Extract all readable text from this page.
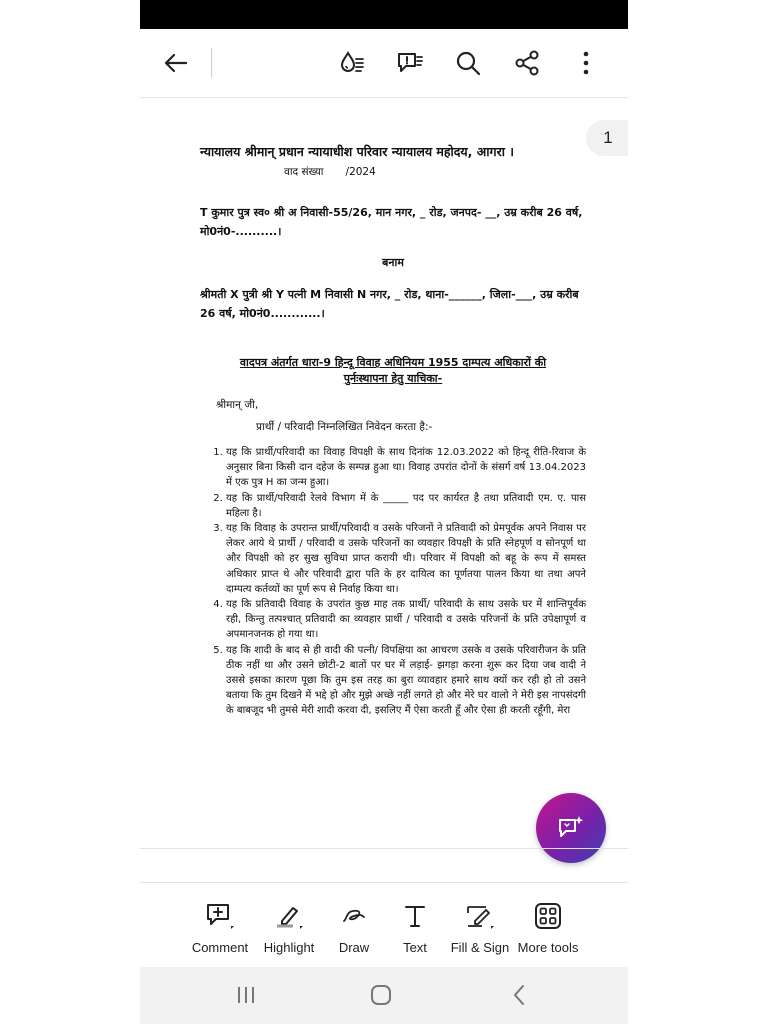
1
न्यायालय श्रीमान् प्रधान न्यायाधीश परिवार न्यायालय महोदय, आगरा ।
वाद संख्या /2024
T कुमार पुत्र स्व० श्री अ निवासी-55/26, मान नगर, _ रोड, जनपद- __, उम्र करीब 26 वर्ष, मो0नं0-..........।
बनाम
श्रीमती X पुत्री श्री Y पत्नी M निवासी N नगर, _ रोड, थाना-______, जिला-___, उम्र करीब 26 वर्ष, मो0नं0............।
वादपत्र अंतर्गत धारा-9 हिन्दू विवाह अधिनियम 1955 दाम्पत्य अधिकारों की पुर्नःस्थापना हेतु याचिका-
श्रीमान् जी,
प्रार्थी / परिवादी निम्नलिखित निवेदन करता है:-
1. यह कि प्रार्थी/परिवादी का विवाह विपक्षी के साथ दिनांक 12.03.2022 को हिन्दू रीति-रिवाज के अनुसार बिना किसी दान दहेज के सम्पन्न हुआ था। विवाह उपरांत दोनों के संसर्ग वर्ष 13.04.2023 में एक पुत्र H का जन्म हुआ।
2. यह कि प्रार्थी/परिवादी रेलवे विभाग में के _____ पद पर कार्यरत है तथा प्रतिवादी एम. ए. पास महिला है।
3. यह कि विवाह के उपरान्त प्रार्थी/परिवादी व उसके परिजनों ने प्रतिवादी को प्रेमपूर्वक अपने निवास पर लेकर आये थे प्रार्थी / परिवादी व उसके परिजनों का व्यवहार विपक्षी के प्रति स्नेहपूर्ण व सोनपूर्ण था और विपक्षी को हर सुख सुविधा प्राप्त करायी थी। परिवार में विपक्षी को बहू के रूप में समस्त अधिकार प्राप्त थे और परिवादी द्वारा पति के हर दायित्व का पूर्णतया पालन किया था तथा अपने दाम्पत्य कर्तव्यों का पूर्ण रूप से निर्वाह किया था।
4. यह कि प्रतिवादी विवाह के उपरांत कुछ माह तक प्रार्थी/ परिवादी के साथ उसके घर में शान्तिपूर्वक रही, किन्तु तत्पश्चात् प्रतिवादी का व्यवहार प्रार्थी / परिवादी व उसके परिजनों के प्रति उपेक्षापूर्ण व अपमानजनक हो गया था।
5. यह कि शादी के बाद से ही वादी की पत्नी/ विपक्षिया का आचरण उसके व उसके परिवारीजन के प्रति ठीक नहीं था और उसने छोटी-2 बातों पर घर में लड़ाई- झगड़ा करना शुरू कर दिया जब वादी ने उससे इसका कारण पूछा कि तुम इस तरह का बुरा व्यावहार हमारे साथ क्यों कर रही हो तो उसने बताया कि तुम दिखने में भद्दे हो और मुझे अच्छे नहीं लगते हो और मेरे घर वालो ने मेरी इस नापसंदगी के बाबजूद भी तुमसे मेरी शादी करवा दी, इसलिए मैं ऐसा करती हूँ और ऐसा ही करती रहूँगी, मेरा
Comment	Highlight	Draw	Text	Fill & Sign More tools
